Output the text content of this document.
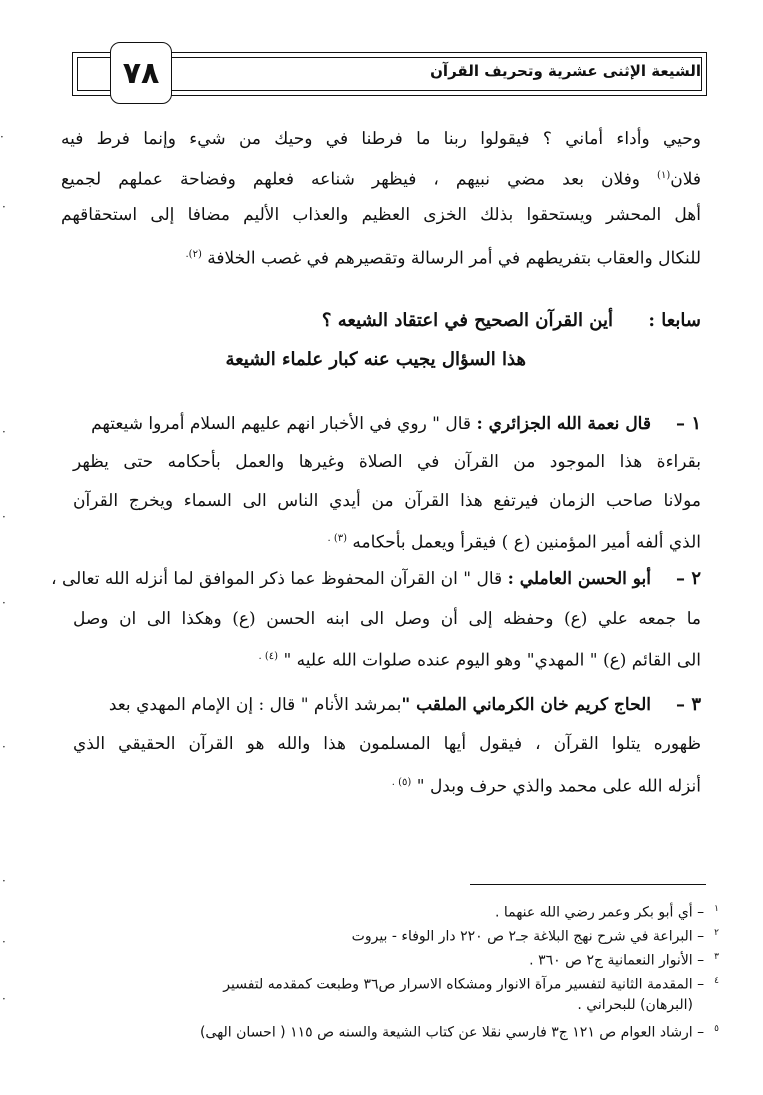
٧٨	الشيعة الإثنى عشرية وتحريف القرآن
وحيي وأداء أماني ؟ فيقولوا ربنا ما فرطنا في وحيك من شيء وإنما فرط فيه
فلان$^{(١)}$ وفلان بعد مضي نبيهم ، فيظهر شناعه فعلهم وفضاحة عملهم لجميع
أهل المحشر ويستحقوا بذلك الخزى العظيم والعذاب الأليم مضافا إلى استحقاقهم
للنكال والعقاب بتفريطهم في أمر الرسالة وتقصيرهم في غصب الخلافة $^{(٢).}$
سابعا :
أين القرآن الصحيح في اعتقاد الشيعه ؟
هذا السؤال يجيب عنه كبار علماء الشيعة
١ –
قال نعمة الله الجزائري : قال " روي في الأخبار انهم عليهم السلام أمروا شيعتهم
بقراءة هذا الموجود من القرآن في الصلاة وغيرها والعمل بأحكامه حتى يظهر
مولانا صاحب الزمان فيرتفع هذا القرآن من أيدي الناس الى السماء ويخرج القرآن
الذي ألفه أمير المؤمنين (ع ) فيقرأ ويعمل بأحكامه $^{(٣) .}$
٢ –
أبو الحسن العاملي : قال " ان القرآن المحفوظ عما ذكر الموافق لما أنزله الله تعالى ،
ما جمعه علي (ع) وحفظه إلى أن وصل الى ابنه الحسن (ع) وهكذا الى ان وصل
الى القائم (ع) " المهدي" وهو اليوم عنده صلوات الله عليه " $^{(٤) .}$
٣ –
الحاج كريم خان الكرماني الملقب "بمرشد الأنام " قال : إن الإمام المهدي بعد
ظهوره يتلوا القرآن ، فيقول أيها المسلمون هذا والله هو القرآن الحقيقي الذي
أنزله الله على محمد والذي حرف وبدل " $^{(٥) .}$
$^١$– أي أبو بكر وعمر رضي الله عنهما .
$^٢$– البراعة في شرح نهج البلاغة جـ٢ ص ٢٢٠ دار الوفاء - بيروت
$^٣$– الأنوار النعمانية ج٢ ص ٣٦٠ .
$^٤$– المقدمة الثانية لتفسير مرآة الانوار ومشكاه الاسرار ص٣٦ وطبعت كمقدمه لتفسير
(البرهان) للبحراني .
$^٥$– ارشاد العوام ص ١٢١ ج٣ فارسي نقلا عن كتاب الشيعة والسنه ص ١١٥ ( احسان الهى)
·
·
·
·
·
·
·
·
·
